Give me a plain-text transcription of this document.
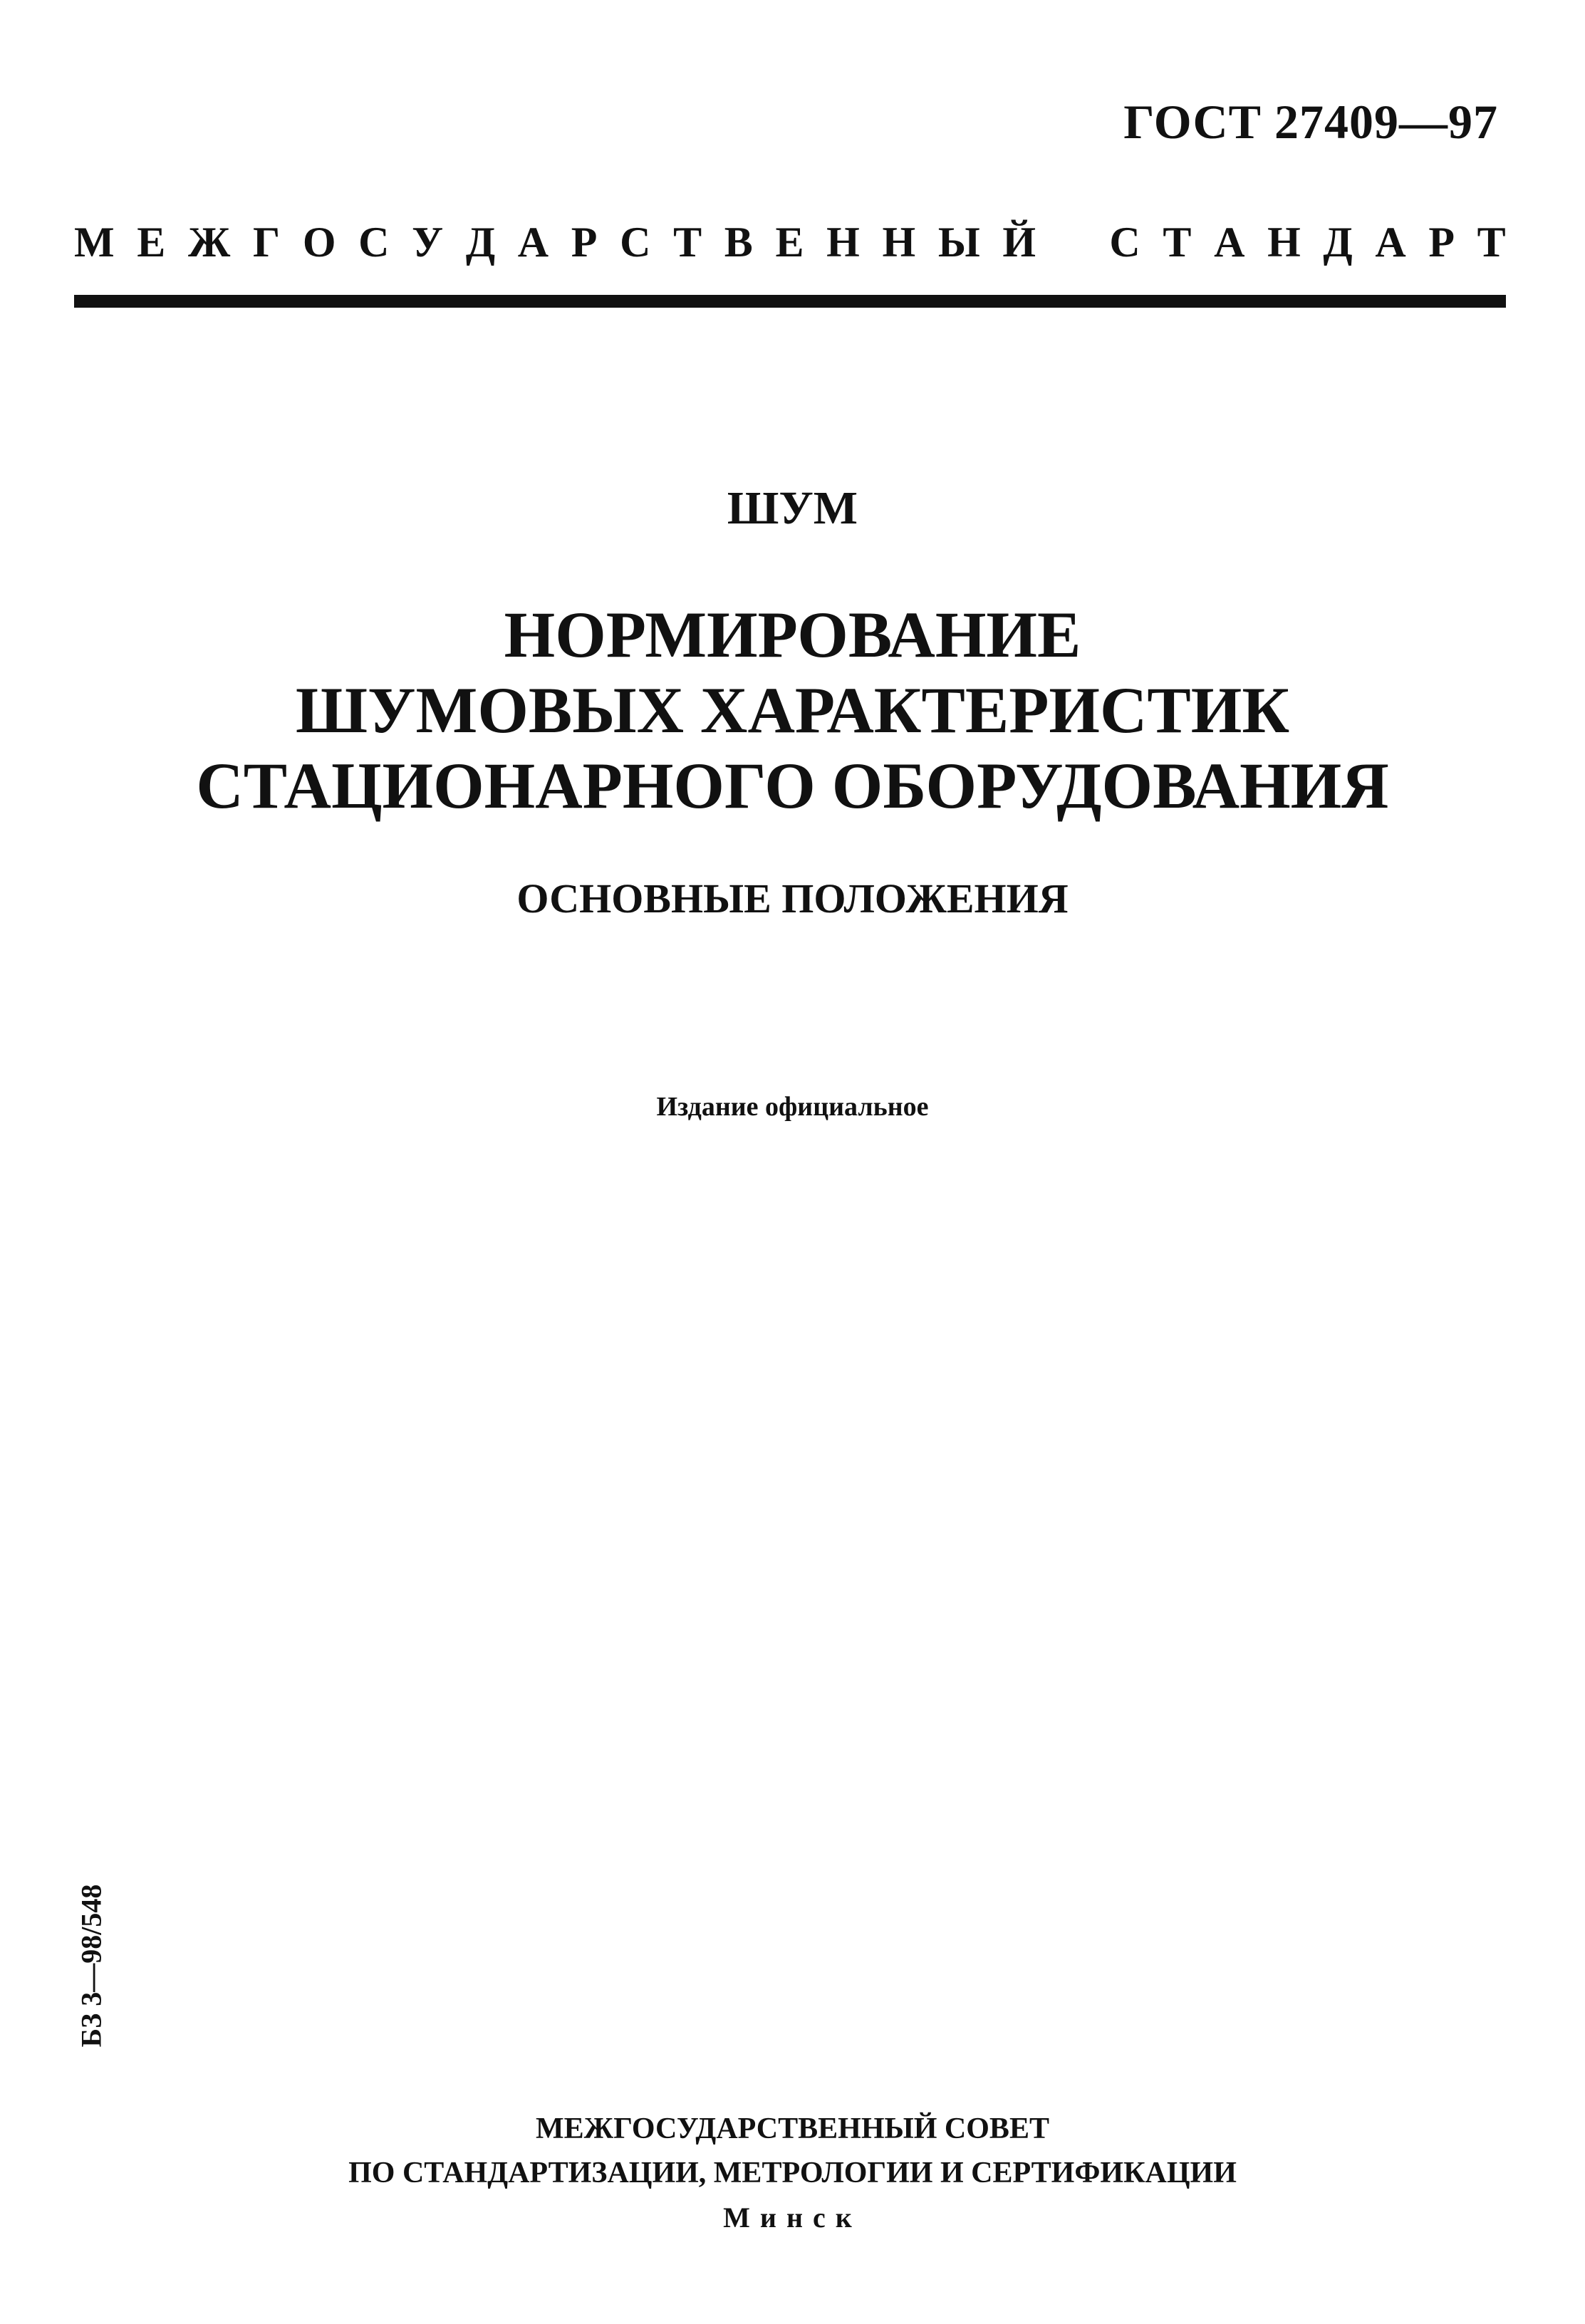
ГОСТ 27409—97
М Е Ж Г О С У Д А Р С Т В Е Н Н Ы Й С Т А Н Д А Р Т
ШУМ
НОРМИРОВАНИЕ
ШУМОВЫХ ХАРАКТЕРИСТИК
СТАЦИОНАРНОГО ОБОРУДОВАНИЯ
ОСНОВНЫЕ ПОЛОЖЕНИЯ
Издание официальное
БЗ 3—98/548
МЕЖГОСУДАРСТВЕННЫЙ СОВЕТ
ПО СТАНДАРТИЗАЦИИ, МЕТРОЛОГИИ И СЕРТИФИКАЦИИ
Минск
